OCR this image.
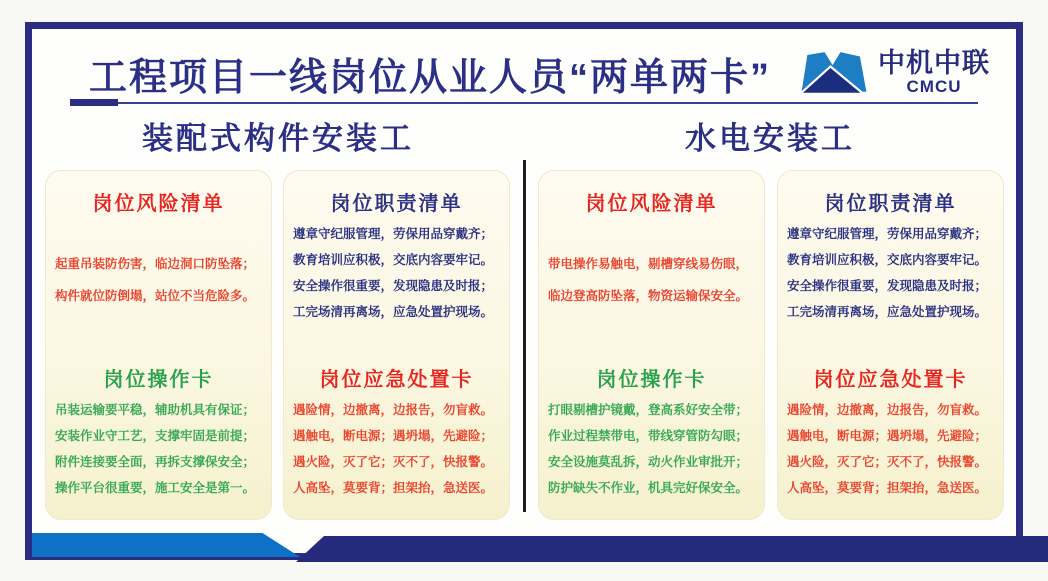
工程项目一线岗位从业人员“两单两卡”	中机中联
CMCU
装配式构件安装工	水电安装工
岗位风险清单
起重吊装防伤害，临边洞口防坠落；
构件就位防倒塌，站位不当危险多。
岗位操作卡
吊装运输要平稳，辅助机具有保证；
安装作业守工艺，支撑牢固是前提；
附件连接要全面，再拆支撑保安全；
操作平台很重要，施工安全是第一。
岗位职责清单
遵章守纪服管理，劳保用品穿戴齐；
教育培训应积极，交底内容要牢记。
安全操作很重要，发现隐患及时报；
工完场清再离场，应急处置护现场。
岗位应急处置卡
遇险情，边撤离，边报告，勿盲救。
遇触电，断电源；遇坍塌，先避险；
遇火险，灭了它；灭不了，快报警。
人高坠，莫要背；担架抬，急送医。
岗位风险清单
带电操作易触电，剔槽穿线易伤眼，
临边登高防坠落，物资运输保安全。
岗位操作卡
打眼剔槽护镜戴，登高系好安全带；
作业过程禁带电，带线穿管防勾眼；
安全设施莫乱拆，动火作业审批开；
防护缺失不作业，机具完好保安全。
岗位职责清单
遵章守纪服管理，劳保用品穿戴齐；
教育培训应积极，交底内容要牢记。
安全操作很重要，发现隐患及时报；
工完场清再离场，应急处置护现场。
岗位应急处置卡
遇险情，边撤离，边报告，勿盲救。
遇触电，断电源；遇坍塌，先避险；
遇火险，灭了它；灭不了，快报警。
人高坠，莫要背；担架抬，急送医。
